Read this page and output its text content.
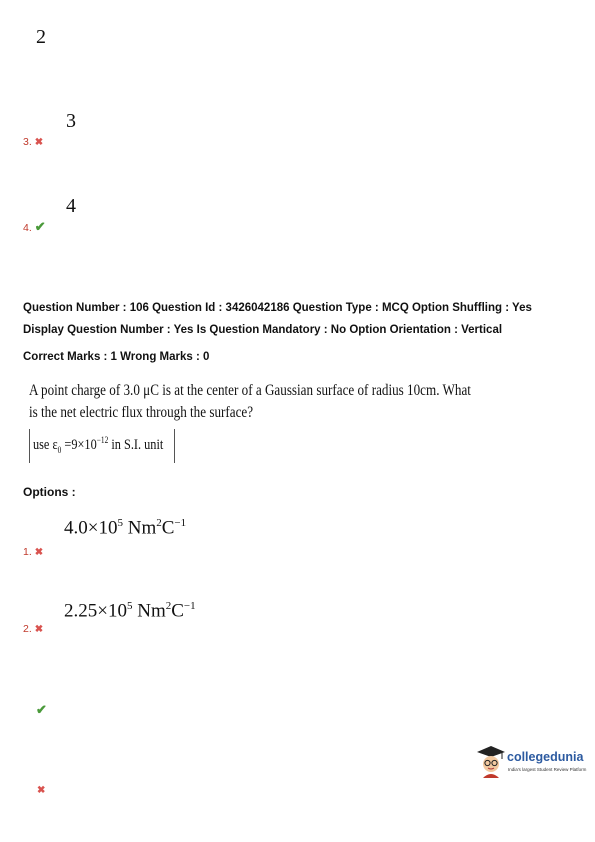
2
3
3. ✖
4
4. ✔
Question Number : 106 Question Id : 3426042186 Question Type : MCQ Option Shuffling : Yes
Display Question Number : Yes Is Question Mandatory : No Option Orientation : Vertical
Correct Marks : 1 Wrong Marks : 0
A point charge of 3.0 μC is at the center of a Gaussian surface of radius 10cm. What
is the net electric flux through the surface?
use $\varepsilon_0 =9\times 10^{-12}$ in S.I. unit
Options :
$4.0\times 10^5$ $Nm^2C^{-1}$
1. ✖
$2.25\times 10^5$ $Nm^2C^{-1}$
2. ✖
✔
✖
collegedunia
India's largest Student Review Platform
